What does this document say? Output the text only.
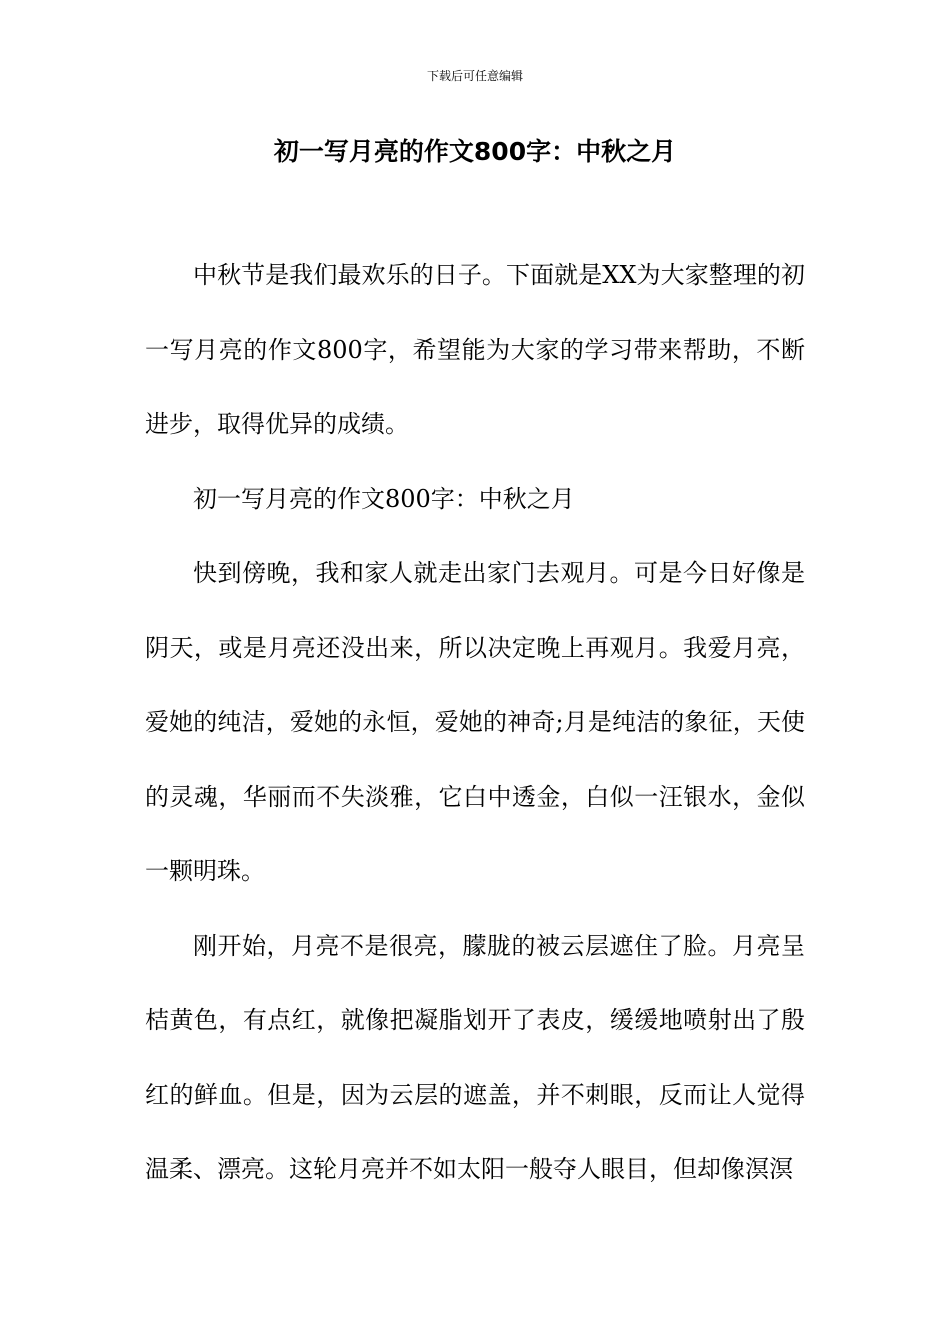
下载后可任意编辑
初一写月亮的作文800字：中秋之月

中秋节是我们最欢乐的日子。下面就是XX为大家整理的初一写月亮的作文800字，希望能为大家的学习带来帮助，不断进步，取得优异的成绩。

初一写月亮的作文800字：中秋之月

快到傍晚，我和家人就走出家门去观月。可是今日好像是阴天，或是月亮还没出来，所以决定晚上再观月。我爱月亮，爱她的纯洁，爱她的永恒，爱她的神奇;月是纯洁的象征，天使的灵魂，华丽而不失淡雅，它白中透金，白似一汪银水，金似一颗明珠。

刚开始，月亮不是很亮，朦胧的被云层遮住了脸。月亮呈桔黄色，有点红，就像把凝脂划开了表皮，缓缓地喷射出了殷红的鲜血。但是，因为云层的遮盖，并不刺眼，反而让人觉得温柔、漂亮。这轮月亮并不如太阳一般夺人眼目，但却像溟溟
